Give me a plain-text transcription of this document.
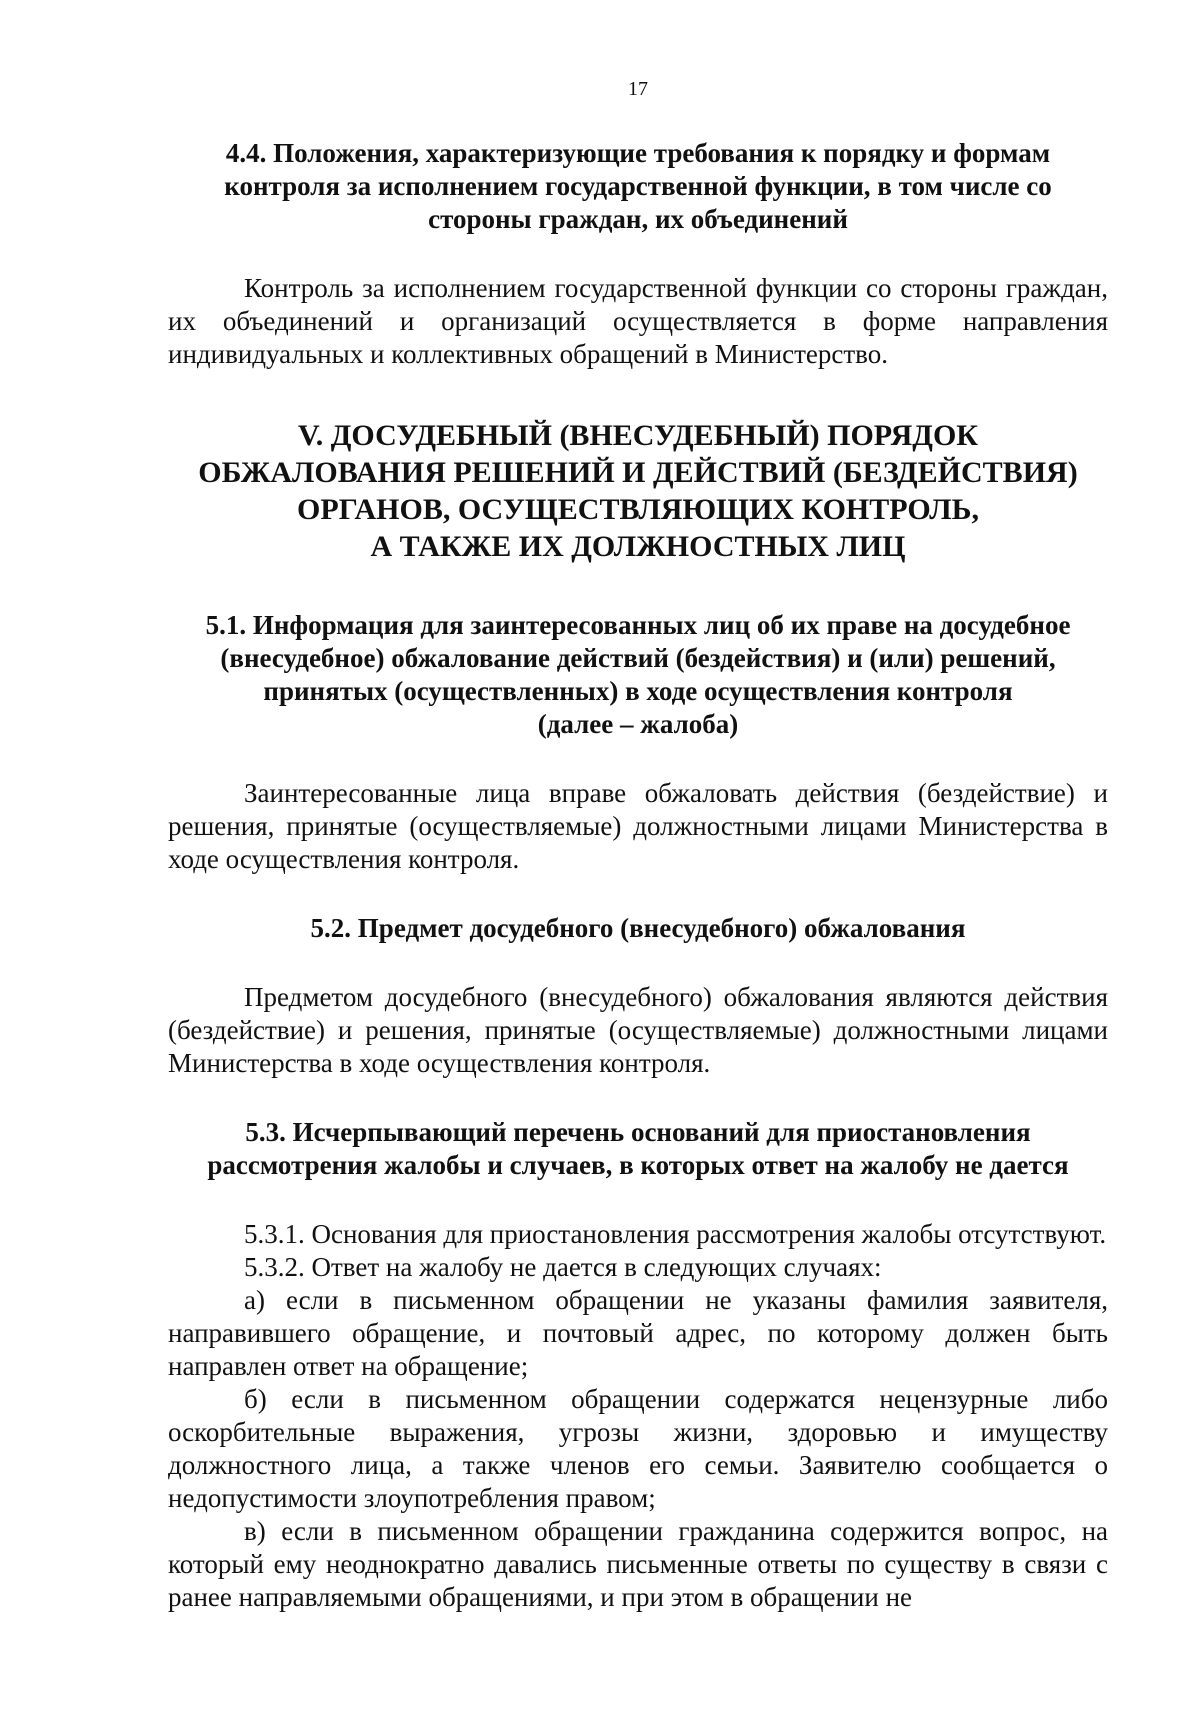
17
4.4. Положения, характеризующие требования к порядку и формам
контроля за исполнением государственной функции, в том числе со
стороны граждан, их объединений

Контроль за исполнением государственной функции со стороны граждан, их объединений и организаций осуществляется в форме направления индивидуальных и коллективных обращений в Министерство.

V. ДОСУДЕБНЫЙ (ВНЕСУДЕБНЫЙ) ПОРЯДОК
ОБЖАЛОВАНИЯ РЕШЕНИЙ И ДЕЙСТВИЙ (БЕЗДЕЙСТВИЯ)
ОРГАНОВ, ОСУЩЕСТВЛЯЮЩИХ КОНТРОЛЬ,
А ТАКЖЕ ИХ ДОЛЖНОСТНЫХ ЛИЦ
5.1. Информация для заинтересованных лиц об их праве на досудебное
(внесудебное) обжалование действий (бездействия) и (или) решений,
принятых (осуществленных) в ходе осуществления контроля
(далее – жалоба)

Заинтересованные лица вправе обжаловать действия (бездействие) и решения, принятые (осуществляемые) должностными лицами Министерства в ходе осуществления контроля.

5.2. Предмет досудебного (внесудебного) обжалования

Предметом досудебного (внесудебного) обжалования являются действия (бездействие) и решения, принятые (осуществляемые) должностными лицами Министерства в ходе осуществления контроля.

5.3. Исчерпывающий перечень оснований для приостановления
рассмотрения жалобы и случаев, в которых ответ на жалобу не дается

5.3.1. Основания для приостановления рассмотрения жалобы отсутствуют.

5.3.2. Ответ на жалобу не дается в следующих случаях:

а) если в письменном обращении не указаны фамилия заявителя, направившего обращение, и почтовый адрес, по которому должен быть направлен ответ на обращение;

б) если в письменном обращении содержатся нецензурные либо оскорбительные выражения, угрозы жизни, здоровью и имуществу должностного лица, а также членов его семьи. Заявителю сообщается о недопустимости злоупотребления правом;

в) если в письменном обращении гражданина содержится вопрос, на который ему неоднократно давались письменные ответы по существу в связи с ранее направляемыми обращениями, и при этом в обращении не
